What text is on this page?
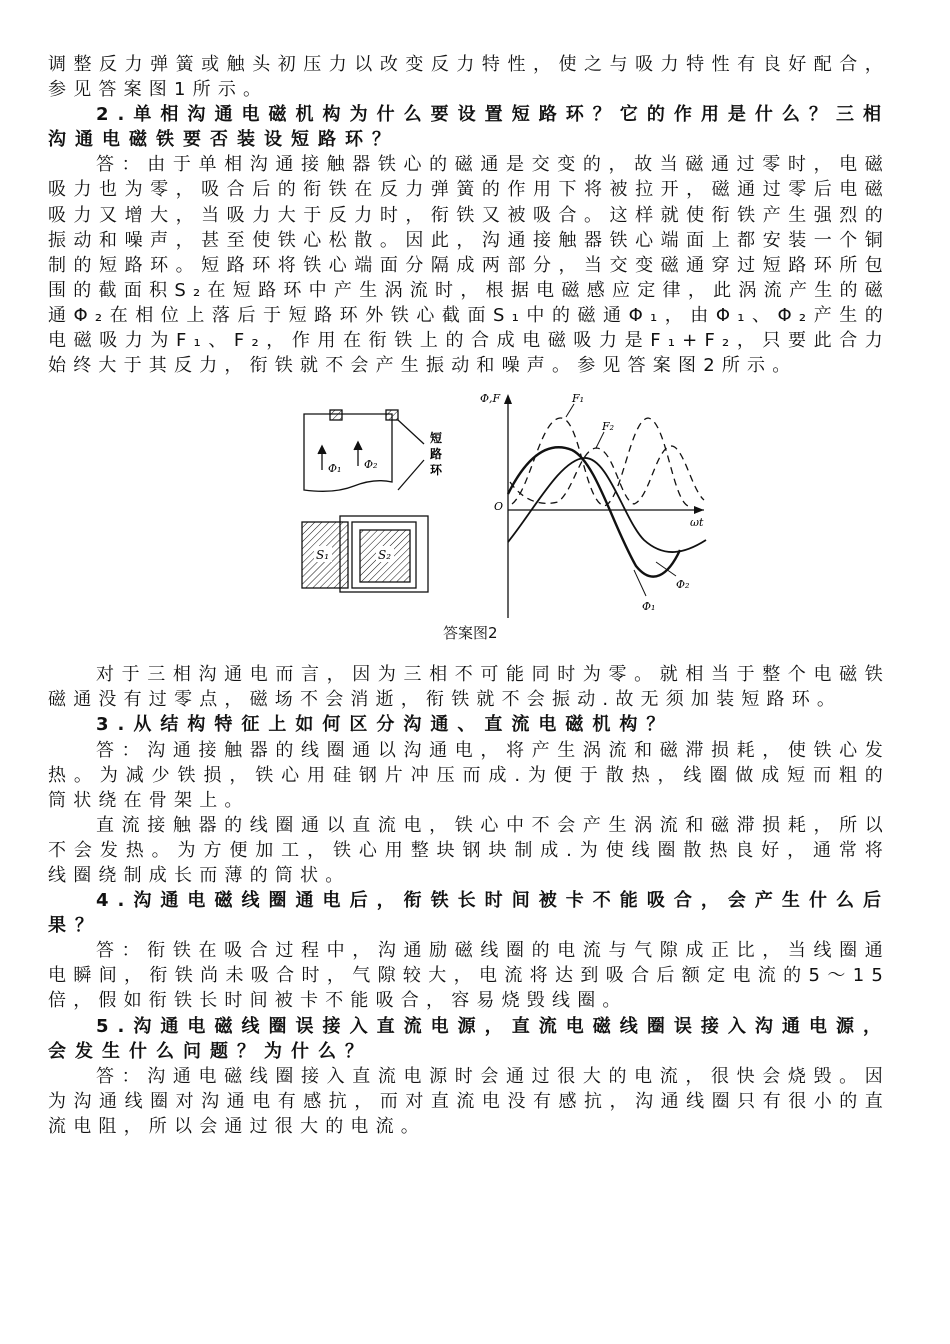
调整反力弹簧或触头初压力以改变反力特性，使之与吸力特性有良好配合，参见答案图1所示。

2.单相沟通电磁机构为什么要设置短路环？它的作用是什么？三相沟通电磁铁要否装设短路环？

答：由于单相沟通接触器铁心的磁通是交变的，故当磁通过零时，电磁吸力也为零，吸合后的衔铁在反力弹簧的作用下将被拉开，磁通过零后电磁吸力又增大，当吸力大于反力时，衔铁又被吸合。这样就使衔铁产生强烈的振动和噪声，甚至使铁心松散。因此，沟通接触器铁心端面上都安装一个铜制的短路环。短路环将铁心端面分隔成两部分，当交变磁通穿过短路环所包围的截面积S₂在短路环中产生涡流时，根据电磁感应定律，此涡流产生的磁通Φ₂在相位上落后于短路环外铁心截面S₁中的磁通Φ₁，由Φ₁、Φ₂产生的电磁吸力为F₁、F₂，作用在衔铁上的合成电磁吸力是F₁+F₂，只要此合力始终大于其反力，衔铁就不会产生振动和噪声。参见答案图2所示。

Φ₁ Φ₂
短
路
环
S₁	S₂
Φ,F
O
ωt
F₁
F₂
Φ₂
Φ₁
答案图2

对于三相沟通电而言，因为三相不可能同时为零。就相当于整个电磁铁磁通没有过零点，磁场不会消逝，衔铁就不会振动.故无须加装短路环。

3.从结构特征上如何区分沟通、直流电磁机构？

答：沟通接触器的线圈通以沟通电，将产生涡流和磁滞损耗，使铁心发热。为减少铁损，铁心用硅钢片冲压而成.为便于散热，线圈做成短而粗的筒状绕在骨架上。

直流接触器的线圈通以直流电，铁心中不会产生涡流和磁滞损耗，所以不会发热。为方便加工，铁心用整块钢块制成.为使线圈散热良好，通常将线圈绕制成长而薄的筒状。

4.沟通电磁线圈通电后，衔铁长时间被卡不能吸合，会产生什么后果？

答：衔铁在吸合过程中，沟通励磁线圈的电流与气隙成正比，当线圈通电瞬间，衔铁尚未吸合时，气隙较大，电流将达到吸合后额定电流的5～15倍，假如衔铁长时间被卡不能吸合，容易烧毁线圈。

5.沟通电磁线圈误接入直流电源，直流电磁线圈误接入沟通电源，会发生什么问题？为什么？

答：沟通电磁线圈接入直流电源时会通过很大的电流，很快会烧毁。因为沟通线圈对沟通电有感抗，而对直流电没有感抗，沟通线圈只有很小的直流电阻，所以会通过很大的电流。
